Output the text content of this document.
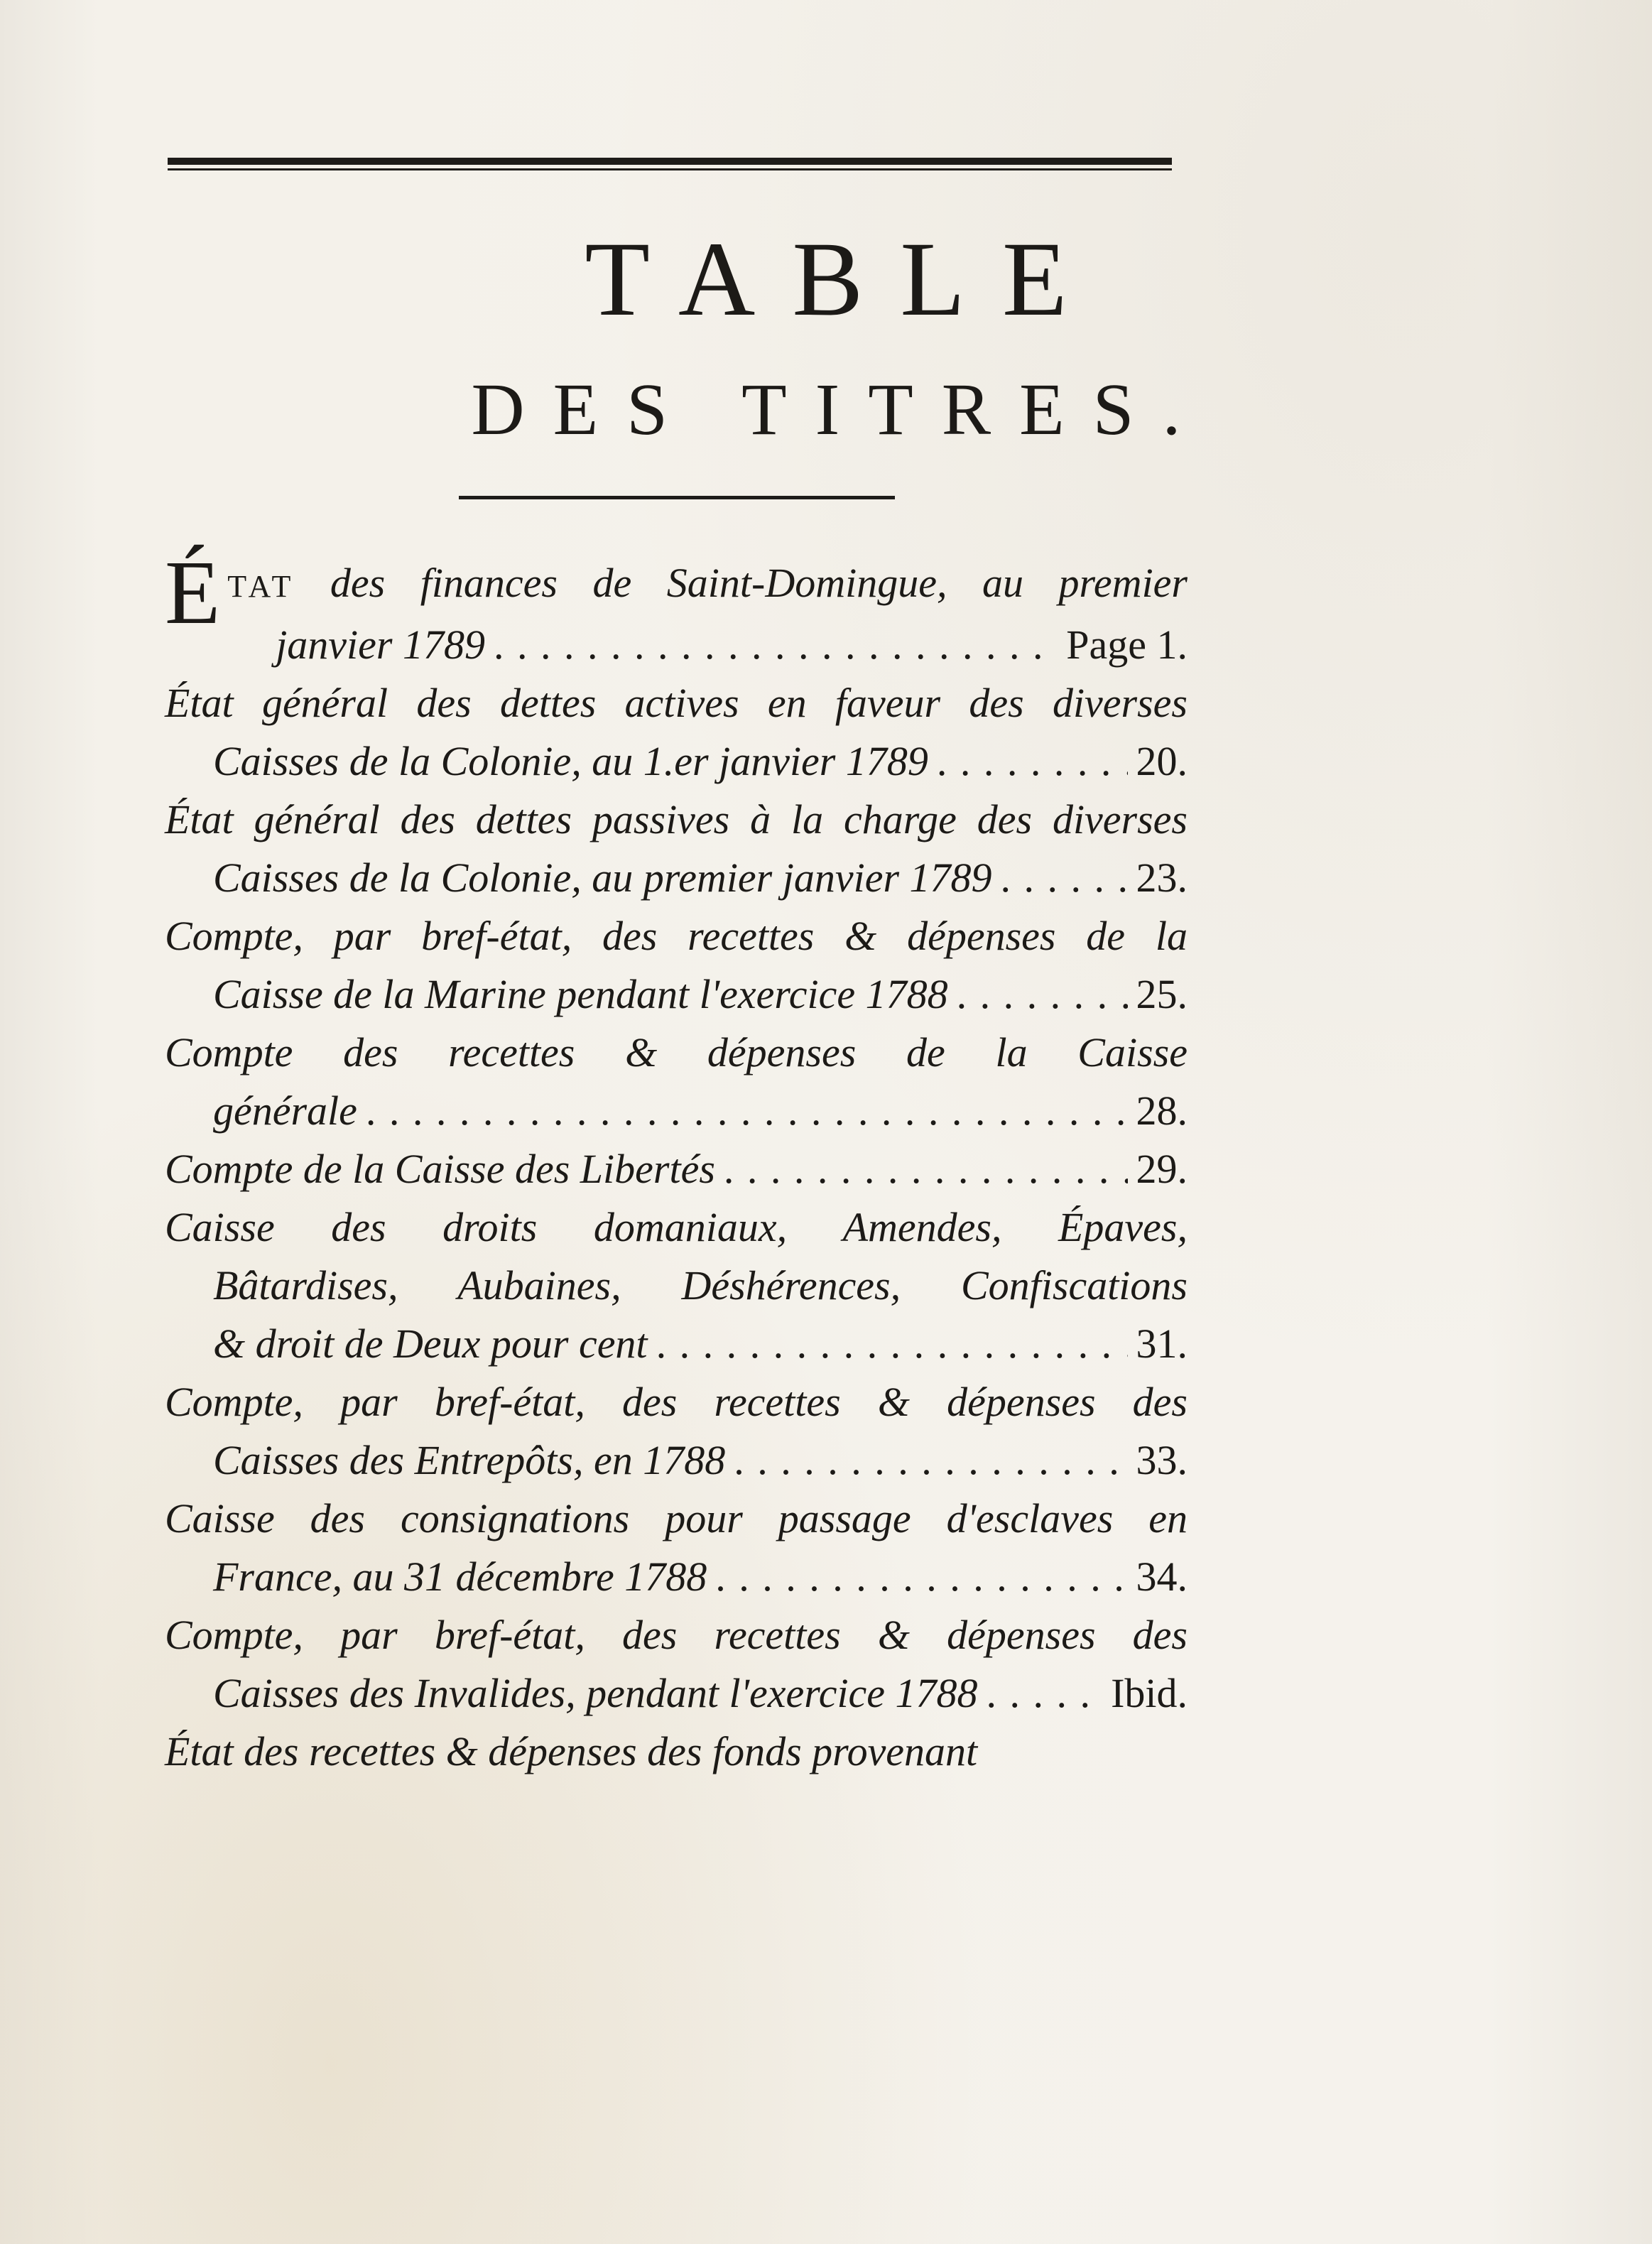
TABLE
DES TITRES.
ÉTAT des finances de Saint-Domingue, au premier
janvier 1789 . . .	Page 1.
État général des dettes actives en faveur des diverses
Caisses de la Colonie, au 1.er janvier 1789 . . .	20.
État général des dettes passives à la charge des diverses
Caisses de la Colonie, au premier janvier 1789 . . .	23.
Compte, par bref-état, des recettes & dépenses de la
Caisse de la Marine pendant l'exercice 1788 . . .	25.
Compte des recettes & dépenses de la Caisse
générale . . .	28.
Compte de la Caisse des Libertés . . .	29.
Caisse des droits domaniaux, Amendes, Épaves,
Bâtardises, Aubaines, Déshérences, Confiscations
& droit de Deux pour cent . . .	31.
Compte, par bref-état, des recettes & dépenses des
Caisses des Entrepôts, en 1788 . . .	33.
Caisse des consignations pour passage d'esclaves en
France, au 31 décembre 1788 . . .	34.
Compte, par bref-état, des recettes & dépenses des
Caisses des Invalides, pendant l'exercice 1788 . . .	Ibid.
État des recettes & dépenses des fonds provenant
